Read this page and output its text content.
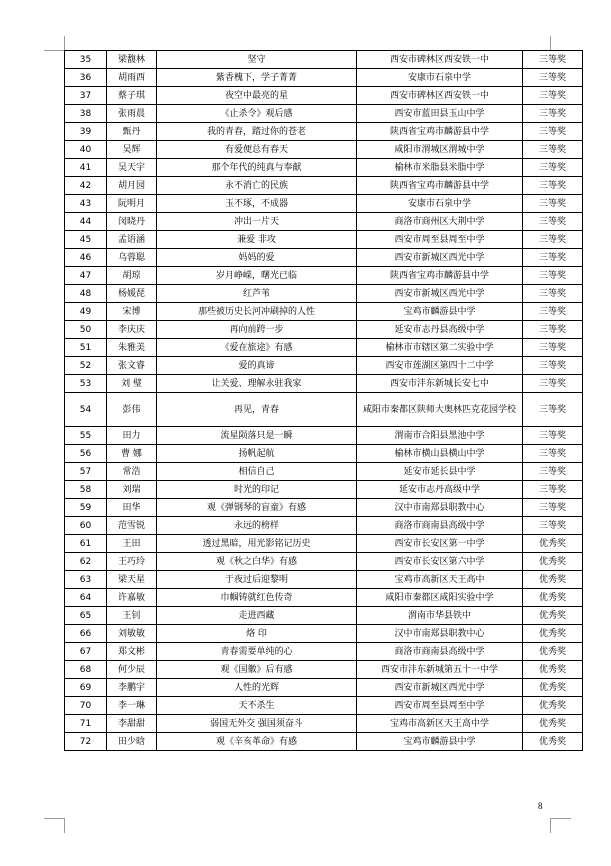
35	梁馥林	坚守	西安市碑林区西安铁一中	三等奖
36	胡雨西	紫香槐下，学子菁菁	安康市石泉中学	三等奖
37	蔡子琪	夜空中最亮的星	西安市碑林区西安铁一中	三等奖
38	张雨晨	《止杀令》观后感	西安市蓝田县玉山中学	三等奖
39	甄丹	我的青春，踏过你的苍老	陕西省宝鸡市麟游县中学	三等奖
40	吴辉	有爱便总有春天	咸阳市渭城区渭城中学	三等奖
41	吴天宇	那个年代的纯真与奉献	榆林市米脂县米脂中学	三等奖
42	胡月园	永不消亡的民族	陕西省宝鸡市麟游县中学	三等奖
43	阮明月	玉不琢，不成器	安康市石泉中学	三等奖
44	闵晓丹	冲出一片天	商洛市商州区大荆中学	三等奖
45	孟语涵	兼爱 非攻	西安市周至县周至中学	三等奖
46	乌蓉聪	妈妈的爱	西安市新城区西光中学	三等奖
47	胡琼	岁月峥嵘，曙光已临	陕西省宝鸡市麟游县中学	三等奖
48	杨媛琵	红芦苇	西安市新城区西光中学	三等奖
49	宋博	那些被历史长河冲刷掉的人性	宝鸡市麟游县中学	三等奖
50	李庆庆	再向前跨一步	延安市志丹县高级中学	三等奖
51	朱雅美	《爱在旅途》有感	榆林市市辖区第二实验中学	三等奖
52	张文睿	爱的真谛	西安市莲湖区第四十二中学	三等奖
53	刘 璧	让关爱、理解永驻我家	西安市沣东新城长安七中	三等奖
54	彭伟	再见，青春	咸阳市秦都区陕师大奥林匹克花园学校	三等奖
55	田力	流星陨落只是一瞬	渭南市合阳县黑池中学	三等奖
56	曹 娜	扬帆起航	榆林市横山县横山中学	三等奖
57	常浩	相信自己	延安市延长县中学	三等奖
58	刘瑞	时光的印记	延安市志丹高级中学	三等奖
59	田华	观《弹钢琴的盲童》有感	汉中市南郑县职教中心	三等奖
60	范雪锐	永远的榜样	商洛市商南县高级中学	三等奖
61	王田	透过黑暗，用光影铭记历史	西安市长安区第一中学	优秀奖
62	王巧玲	观《秋之白华》有感	西安市长安区第六中学	优秀奖
63	梁天星	于夜过后迎黎明	宝鸡市高新区天王高中	优秀奖
64	许嘉敏	巾帼铸就红色传奇	咸阳市秦都区咸阳实验中学	优秀奖
65	王钊	走进西藏	渭南市华县铁中	优秀奖
66	刘敏敏	烙 印	汉中市南郑县职教中心	优秀奖
67	郑文彬	青春需要单纯的心	商洛市商南县高级中学	优秀奖
68	何少辰	观《国徽》后有感	西安市沣东新城第五十一中学	优秀奖
69	李鹏宇	人性的光辉	西安市新城区西光中学	优秀奖
70	李一琳	天不杀生	西安市周至县周至中学	优秀奖
71	李甜甜	弱国无外交 强国须奋斗	宝鸡市高新区天王高中学	优秀奖
72	田少晗	观《辛亥革命》有感	宝鸡市麟游县中学	优秀奖
8
